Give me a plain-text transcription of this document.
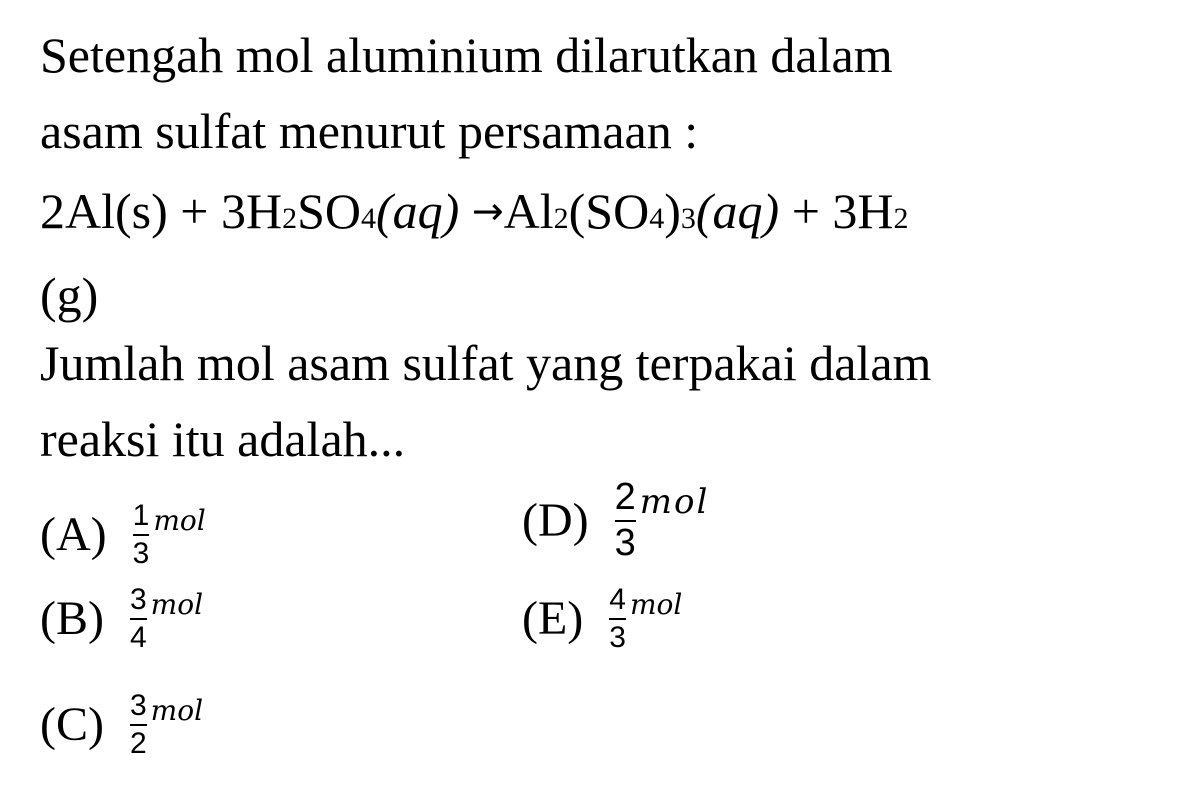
Setengah mol aluminium dilarutkan dalam
asam sulfat menurut persamaan :
2Al(s) + 3H2SO4(aq) →Al2(SO4)3(aq) + 3H2
(g)
Jumlah mol asam sulfat yang terpakai dalam
reaksi itu adalah...
$(A) \frac{1}{3}$ mol	$(D) \frac{2}{3}$ mol
$(B) \frac{3}{4}$ mol	$(E) \frac{4}{3}$ mol
$(C) \frac{3}{2}$ mol
